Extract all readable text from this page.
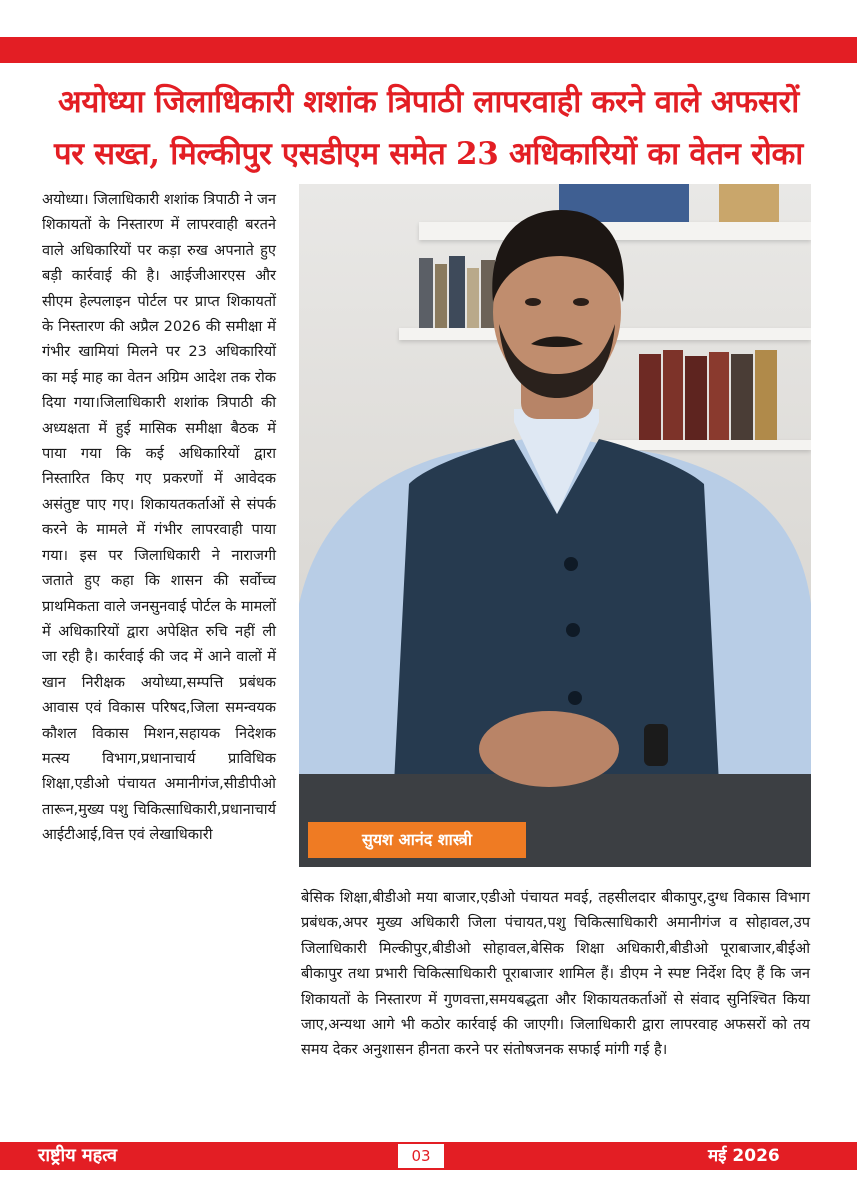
अयोध्या जिलाधिकारी शशांक त्रिपाठी लापरवाही करने वाले अफसरों
पर सख्त, मिल्कीपुर एसडीएम समेत 23 अधिकारियों का वेतन रोका
अयोध्या। जिलाधिकारी शशांक त्रिपाठी ने जन शिकायतों के निस्तारण में लापरवाही बरतने वाले अधिकारियों पर कड़ा रुख अपनाते हुए बड़ी कार्रवाई की है। आईजीआरएस और सीएम हेल्पलाइन पोर्टल पर प्राप्त शिकायतों के निस्तारण की अप्रैल 2026 की समीक्षा में गंभीर खामियां मिलने पर 23 अधिकारियों का मई माह का वेतन अग्रिम आदेश तक रोक दिया गया।जिलाधिकारी शशांक त्रिपाठी की अध्यक्षता में हुई मासिक समीक्षा बैठक में पाया गया कि कई अधिकारियों द्वारा निस्तारित किए गए प्रकरणों में आवेदक असंतुष्ट पाए गए। शिकायतकर्ताओं से संपर्क करने के मामले में गंभीर लापरवाही पाया गया। इस पर जिलाधिकारी ने नाराजगी जताते हुए कहा कि शासन की सर्वोच्च प्राथमिकता वाले जनसुनवाई पोर्टल के मामलों में अधिकारियों द्वारा अपेक्षित रुचि नहीं ली जा रही है। कार्रवाई की जद में आने वालों में खान निरीक्षक अयोध्या,सम्पत्ति प्रबंधक आवास एवं विकास परिषद,जिला समन्वयक कौशल विकास मिशन,सहायक निदेशक मत्स्य विभाग,प्रधानाचार्य प्राविधिक शिक्षा,एडीओ पंचायत अमानीगंज,सीडीपीओ तारून,मुख्य पशु चिकित्साधिकारी,प्रधानाचार्य आईटीआई,वित्त एवं लेखाधिकारी	सुयश आनंद शास्त्री
बेसिक शिक्षा,बीडीओ मया बाजार,एडीओ पंचायत मवई, तहसीलदार बीकापुर,दुग्ध विकास विभाग प्रबंधक,अपर मुख्य अधिकारी जिला पंचायत,पशु चिकित्साधिकारी अमानीगंज व सोहावल,उप जिलाधिकारी मिल्कीपुर,बीडीओ सोहावल,बेसिक शिक्षा अधिकारी,बीडीओ पूराबाजार,बीईओ बीकापुर तथा प्रभारी चिकित्साधिकारी पूराबाजार शामिल हैं। डीएम ने स्पष्ट निर्देश दिए हैं कि जन शिकायतों के निस्तारण में गुणवत्ता,समयबद्धता और शिकायतकर्ताओं से संवाद सुनिश्चित किया जाए,अन्यथा आगे भी कठोर कार्रवाई की जाएगी। जिलाधिकारी द्वारा लापरवाह अफसरों को तय समय देकर अनुशासन हीनता करने पर संतोषजनक सफाई मांगी गई है।
राष्ट्रीय महत्व	03	मई 2026
